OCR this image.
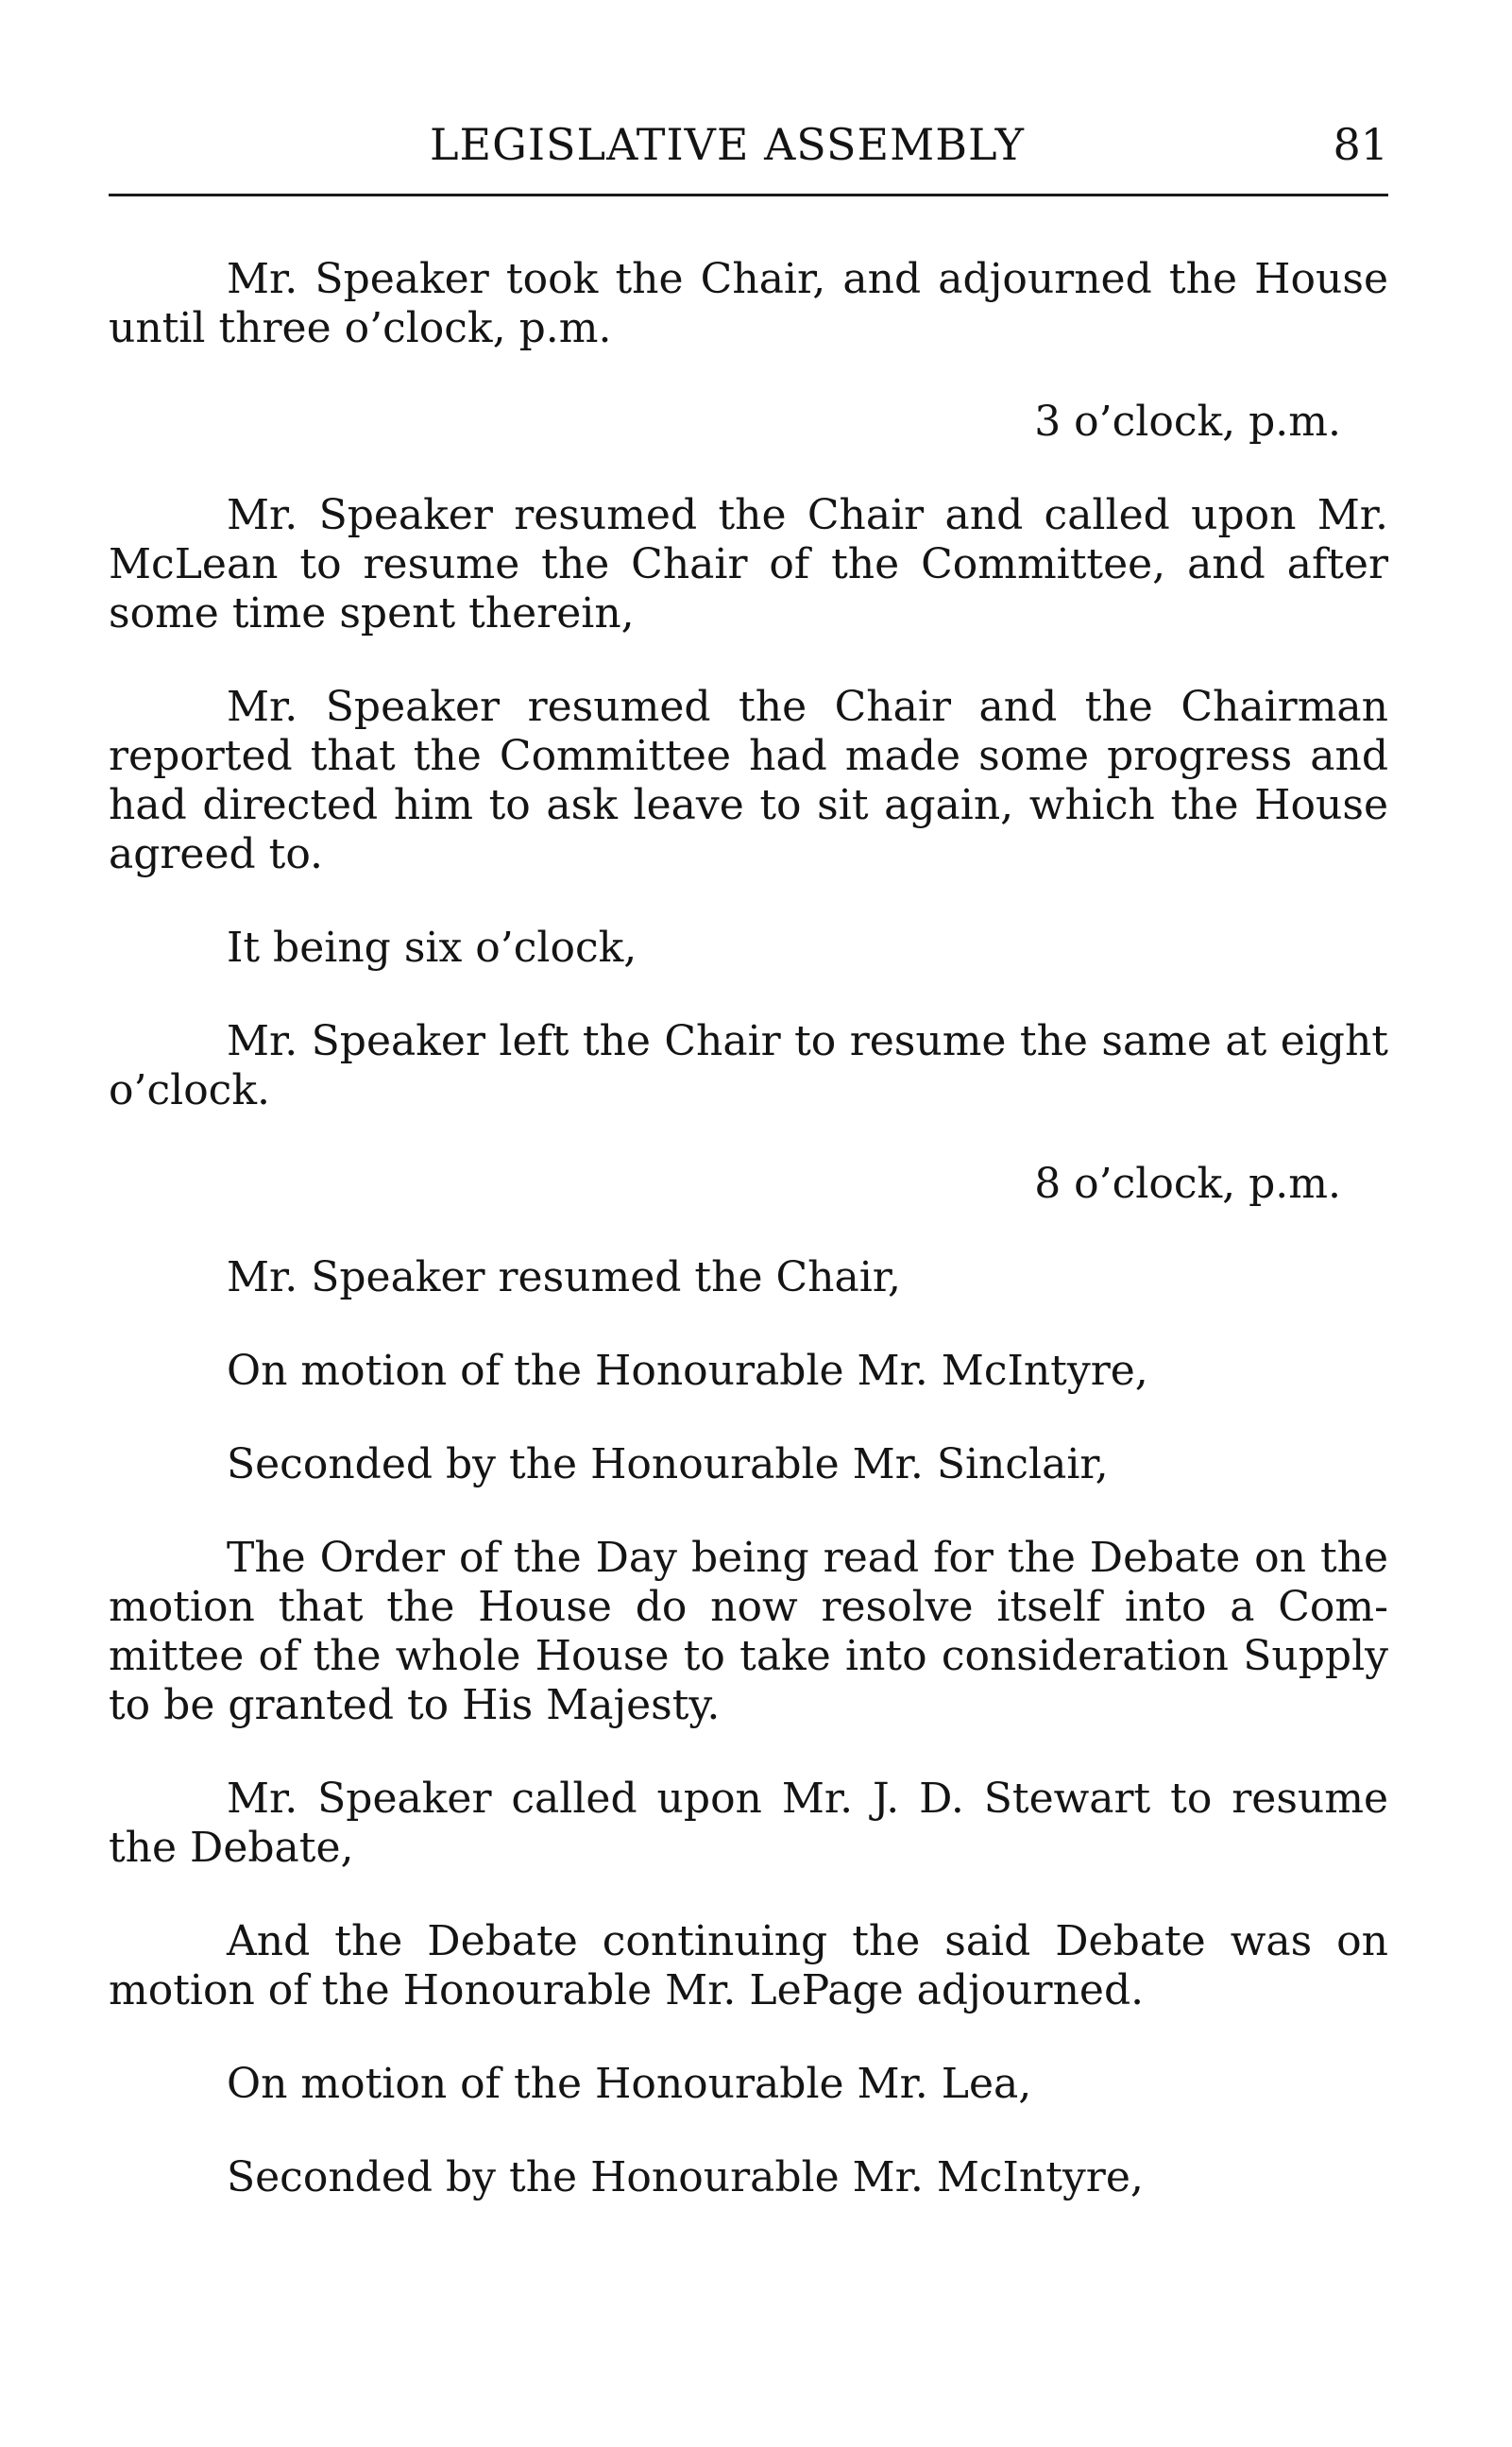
LEGISLATIVE ASSEMBLY	81

Mr. Speaker took the Chair, and adjourned the House until three o’clock, p.m.

3 o’clock, p.m.

Mr. Speaker resumed the Chair and called upon Mr. McLean to resume the Chair of the Committee, and after some time spent therein,

Mr. Speaker resumed the Chair and the Chairman reported that the Committee had made some progress and had directed him to ask leave to sit again, which the House agreed to.

It being six o’clock,

Mr. Speaker left the Chair to resume the same at eight o’clock.

8 o’clock, p.m.

Mr. Speaker resumed the Chair,

On motion of the Honourable Mr. McIntyre,

Seconded by the Honourable Mr. Sinclair,

The Order of the Day being read for the Debate on the motion that the House do now resolve itself into a Committee of the whole House to take into consideration Supply to be granted to His Majesty.

Mr. Speaker called upon Mr. J. D. Stewart to resume the Debate,

And the Debate continuing the said Debate was on motion of the Honourable Mr. LePage adjourned.

On motion of the Honourable Mr. Lea,

Seconded by the Honourable Mr. McIntyre,
